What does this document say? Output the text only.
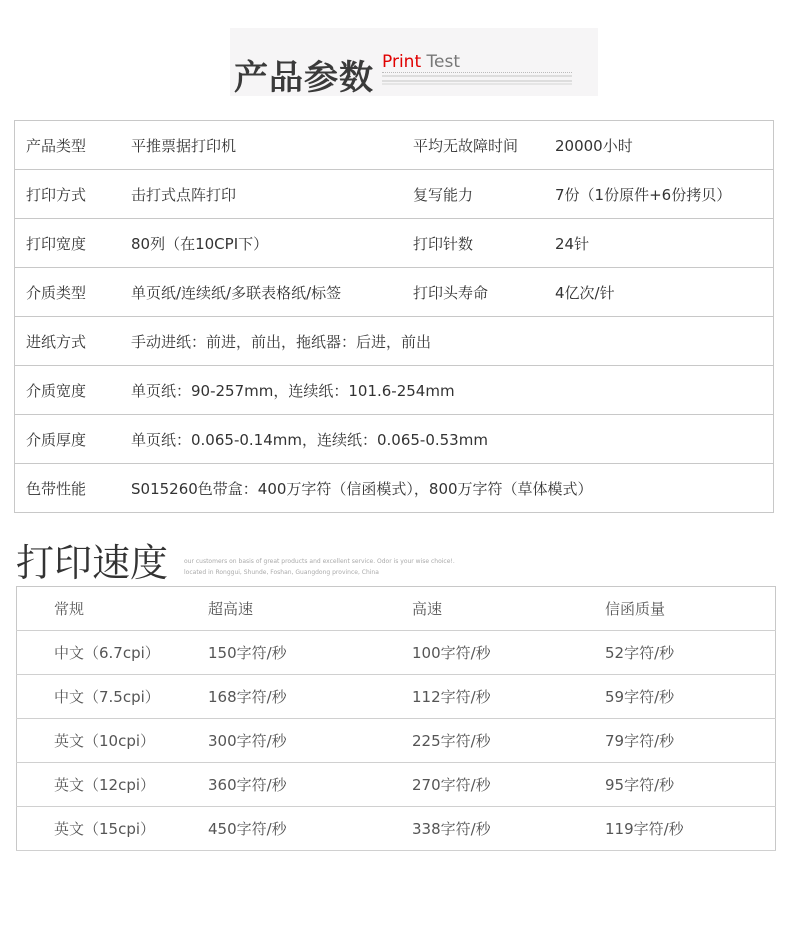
产品参数 Print Test
产品类型	平推票据打印机	平均无故障时间	20000小时
打印方式	击打式点阵打印	复写能力	7份（1份原件+6份拷贝）
打印宽度	80列（在10CPI下）	打印针数	24针
介质类型	单页纸/连续纸/多联表格纸/标签	打印头寿命	4亿次/针
进纸方式	手动进纸：前进，前出，拖纸器：后进，前出		
介质宽度	单页纸：90-257mm，连续纸：101.6-254mm		
介质厚度	单页纸：0.065-0.14mm，连续纸：0.065-0.53mm		
色带性能	S015260色带盒：400万字符（信函模式），800万字符（草体模式）		
打印速度	our customers on basis of great products and excellent service. Odor is your wise choice!.
located in Ronggui, Shunde, Foshan, Guangdong province, China
常规	超高速	高速	信函质量
中文（6.7cpi）	150字符/秒	100字符/秒	52字符/秒
中文（7.5cpi）	168字符/秒	112字符/秒	59字符/秒
英文（10cpi）	300字符/秒	225字符/秒	79字符/秒
英文（12cpi）	360字符/秒	270字符/秒	95字符/秒
英文（15cpi）	450字符/秒	338字符/秒	119字符/秒
